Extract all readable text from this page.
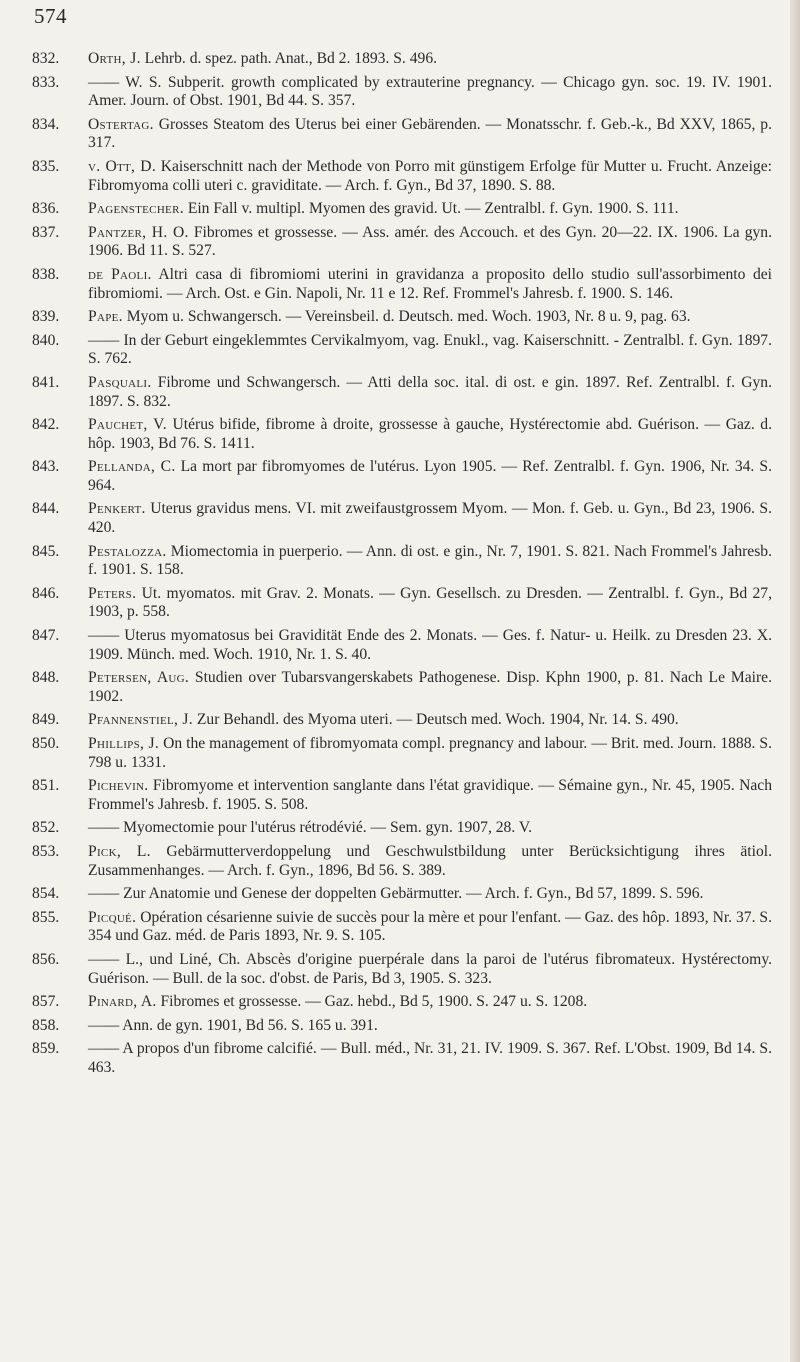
574
832.	Orth, J. Lehrb. d. spez. path. Anat., Bd 2. 1893. S. 496.
833.	—— W. S. Subperit. growth complicated by extrauterine pregnancy. — Chicago gyn. soc. 19. IV. 1901. Amer. Journ. of Obst. 1901, Bd 44. S. 357.
834.	Ostertag. Grosses Steatom des Uterus bei einer Gebärenden. — Monatsschr. f. Geb.-k., Bd XXV, 1865, p. 317.
835.	v. Ott, D. Kaiserschnitt nach der Methode von Porro mit günstigem Erfolge für Mutter u. Frucht. Anzeige: Fibromyoma colli uteri c. graviditate. — Arch. f. Gyn., Bd 37, 1890. S. 88.
836.	Pagenstecher. Ein Fall v. multipl. Myomen des gravid. Ut. — Zentralbl. f. Gyn. 1900. S. 111.
837.	Pantzer, H. O. Fibromes et grossesse. — Ass. amér. des Accouch. et des Gyn. 20—22. IX. 1906. La gyn. 1906. Bd 11. S. 527.
838.	de Paoli. Altri casa di fibromiomi uterini in gravidanza a proposito dello studio sull'assorbimento dei fibromiomi. — Arch. Ost. e Gin. Napoli, Nr. 11 e 12. Ref. Frommel's Jahresb. f. 1900. S. 146.
839.	Pape. Myom u. Schwangersch. — Vereinsbeil. d. Deutsch. med. Woch. 1903, Nr. 8 u. 9, pag. 63.
840.	—— In der Geburt eingeklemmtes Cervikalmyom, vag. Enukl., vag. Kaiserschnitt. - Zentralbl. f. Gyn. 1897. S. 762.
841.	Pasquali. Fibrome und Schwangersch. — Atti della soc. ital. di ost. e gin. 1897. Ref. Zentralbl. f. Gyn. 1897. S. 832.
842.	Pauchet, V. Utérus bifide, fibrome à droite, grossesse à gauche, Hystérectomie abd. Guérison. — Gaz. d. hôp. 1903, Bd 76. S. 1411.
843.	Pellanda, C. La mort par fibromyomes de l'utérus. Lyon 1905. — Ref. Zentralbl. f. Gyn. 1906, Nr. 34. S. 964.
844.	Penkert. Uterus gravidus mens. VI. mit zweifaustgrossem Myom. — Mon. f. Geb. u. Gyn., Bd 23, 1906. S. 420.
845.	Pestalozza. Miomectomia in puerperio. — Ann. di ost. e gin., Nr. 7, 1901. S. 821. Nach Frommel's Jahresb. f. 1901. S. 158.
846.	Peters. Ut. myomatos. mit Grav. 2. Monats. — Gyn. Gesellsch. zu Dresden. — Zentralbl. f. Gyn., Bd 27, 1903, p. 558.
847.	—— Uterus myomatosus bei Gravidität Ende des 2. Monats. — Ges. f. Natur- u. Heilk. zu Dresden 23. X. 1909. Münch. med. Woch. 1910, Nr. 1. S. 40.
848.	Petersen, Aug. Studien over Tubarsvangerskabets Pathogenese. Disp. Kphn 1900, p. 81. Nach Le Maire. 1902.
849.	Pfannenstiel, J. Zur Behandl. des Myoma uteri. — Deutsch med. Woch. 1904, Nr. 14. S. 490.
850.	Phillips, J. On the management of fibromyomata compl. pregnancy and labour. — Brit. med. Journ. 1888. S. 798 u. 1331.
851.	Pichevin. Fibromyome et intervention sanglante dans l'état gravidique. — Sémaine gyn., Nr. 45, 1905. Nach Frommel's Jahresb. f. 1905. S. 508.
852.	—— Myomectomie pour l'utérus rétrodévié. — Sem. gyn. 1907, 28. V.
853.	Pick, L. Gebärmutterverdoppelung und Geschwulstbildung unter Berücksichtigung ihres ätiol. Zusammenhanges. — Arch. f. Gyn., 1896, Bd 56. S. 389.
854.	—— Zur Anatomie und Genese der doppelten Gebärmutter. — Arch. f. Gyn., Bd 57, 1899. S. 596.
855.	Picqué. Opération césarienne suivie de succès pour la mère et pour l'enfant. — Gaz. des hôp. 1893, Nr. 37. S. 354 und Gaz. méd. de Paris 1893, Nr. 9. S. 105.
856.	—— L., und Liné, Ch. Abscès d'origine puerpérale dans la paroi de l'utérus fibromateux. Hystérectomy. Guérison. — Bull. de la soc. d'obst. de Paris, Bd 3, 1905. S. 323.
857.	Pinard, A. Fibromes et grossesse. — Gaz. hebd., Bd 5, 1900. S. 247 u. S. 1208.
858.	—— Ann. de gyn. 1901, Bd 56. S. 165 u. 391.
859.	—— A propos d'un fibrome calcifié. — Bull. méd., Nr. 31, 21. IV. 1909. S. 367. Ref. L'Obst. 1909, Bd 14. S. 463.
